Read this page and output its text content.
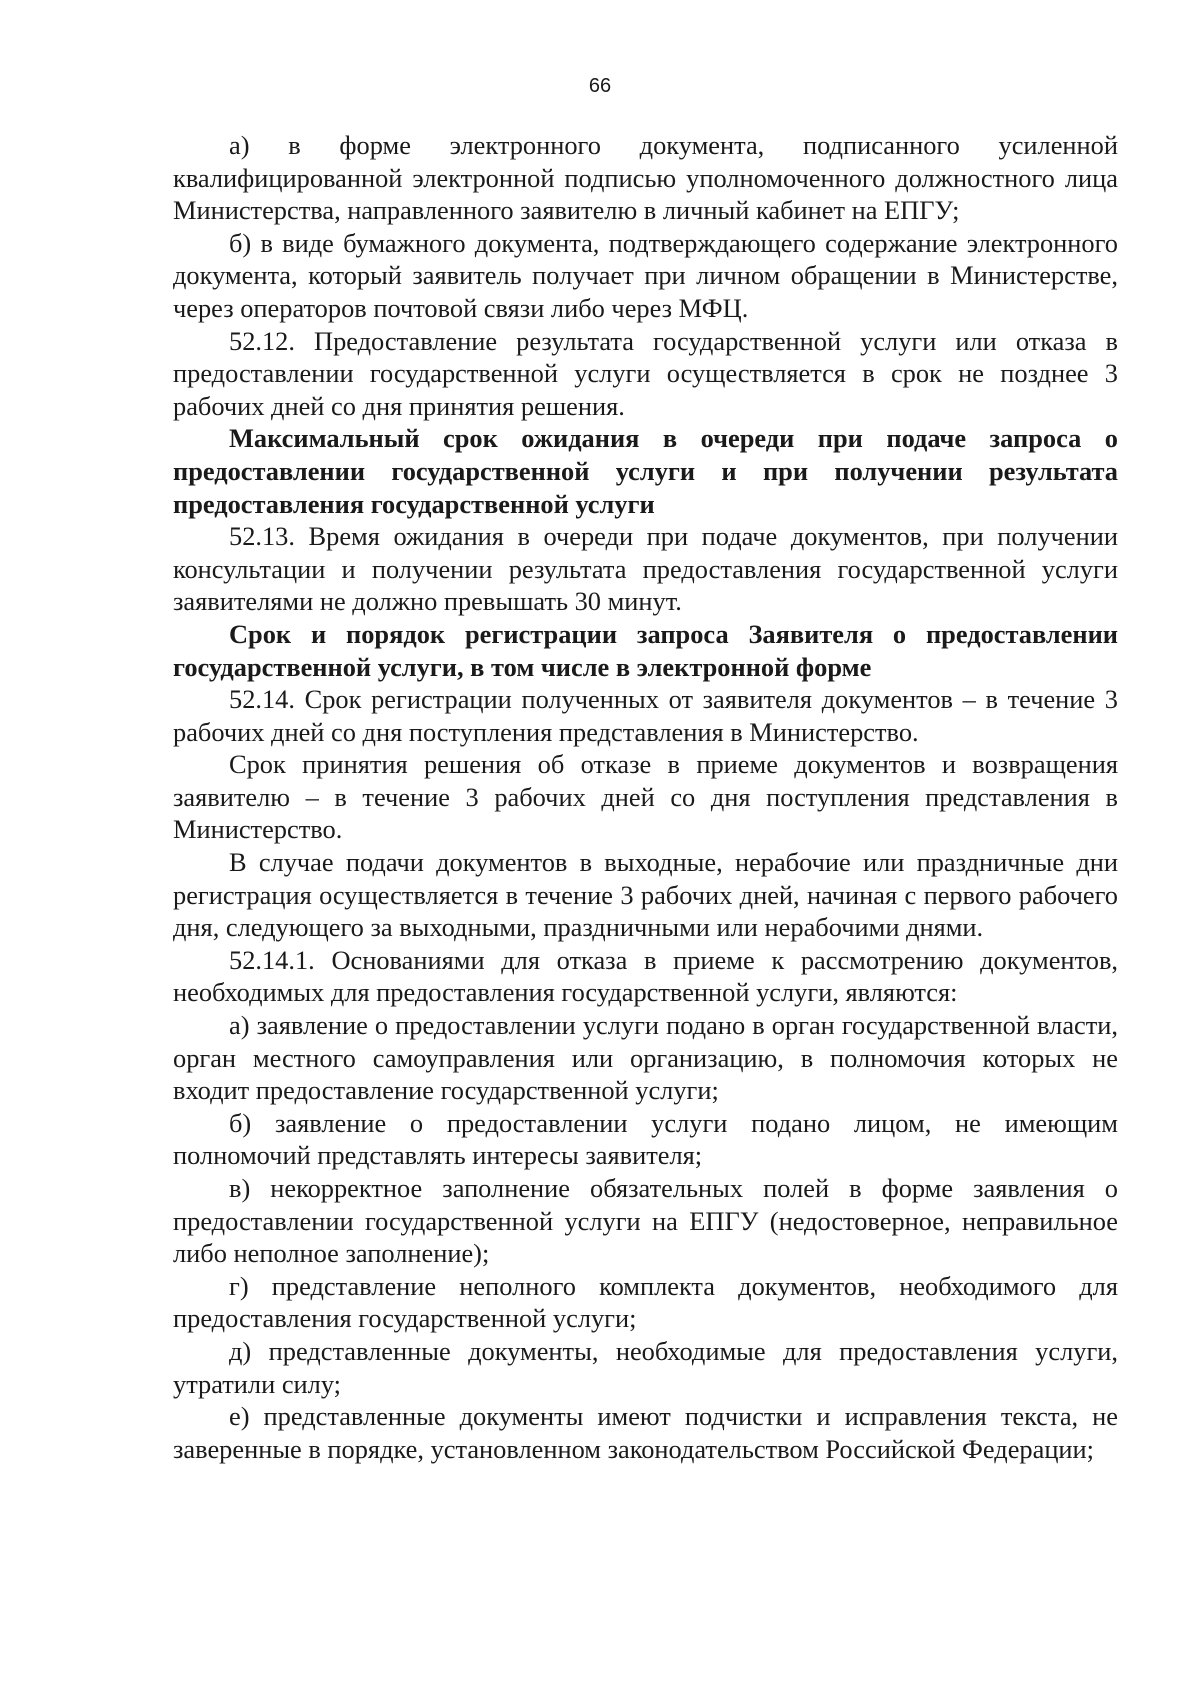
66

а) в форме электронного документа, подписанного усиленной квалифицированной электронной подписью уполномоченного должностного лица Министерства, направленного заявителю в личный кабинет на ЕПГУ;

б) в виде бумажного документа, подтверждающего содержание электронного документа, который заявитель получает при личном обращении в Министерстве, через операторов почтовой связи либо через МФЦ.

52.12. Предоставление результата государственной услуги или отказа в предоставлении государственной услуги осуществляется в срок не позднее 3 рабочих дней со дня принятия решения.

Максимальный срок ожидания в очереди при подаче запроса о предоставлении государственной услуги и при получении результата предоставления государственной услуги

52.13. Время ожидания в очереди при подаче документов, при получении консультации и получении результата предоставления государственной услуги заявителями не должно превышать 30 минут.

Срок и порядок регистрации запроса Заявителя о предоставлении государственной услуги, в том числе в электронной форме

52.14. Срок регистрации полученных от заявителя документов – в течение 3 рабочих дней со дня поступления представления в Министерство.

Срок принятия решения об отказе в приеме документов и возвращения заявителю – в течение 3 рабочих дней со дня поступления представления в Министерство.

В случае подачи документов в выходные, нерабочие или праздничные дни регистрация осуществляется в течение 3 рабочих дней, начиная с первого рабочего дня, следующего за выходными, праздничными или нерабочими днями.

52.14.1. Основаниями для отказа в приеме к рассмотрению документов, необходимых для предоставления государственной услуги, являются:

а) заявление о предоставлении услуги подано в орган государственной власти, орган местного самоуправления или организацию, в полномочия которых не входит предоставление государственной услуги;

б) заявление о предоставлении услуги подано лицом, не имеющим полномочий представлять интересы заявителя;

в) некорректное заполнение обязательных полей в форме заявления о предоставлении государственной услуги на ЕПГУ (недостоверное, неправильное либо неполное заполнение);

г) представление неполного комплекта документов, необходимого для предоставления государственной услуги;

д) представленные документы, необходимые для предоставления услуги, утратили силу;

е) представленные документы имеют подчистки и исправления текста, не заверенные в порядке, установленном законодательством Российской Федерации;
